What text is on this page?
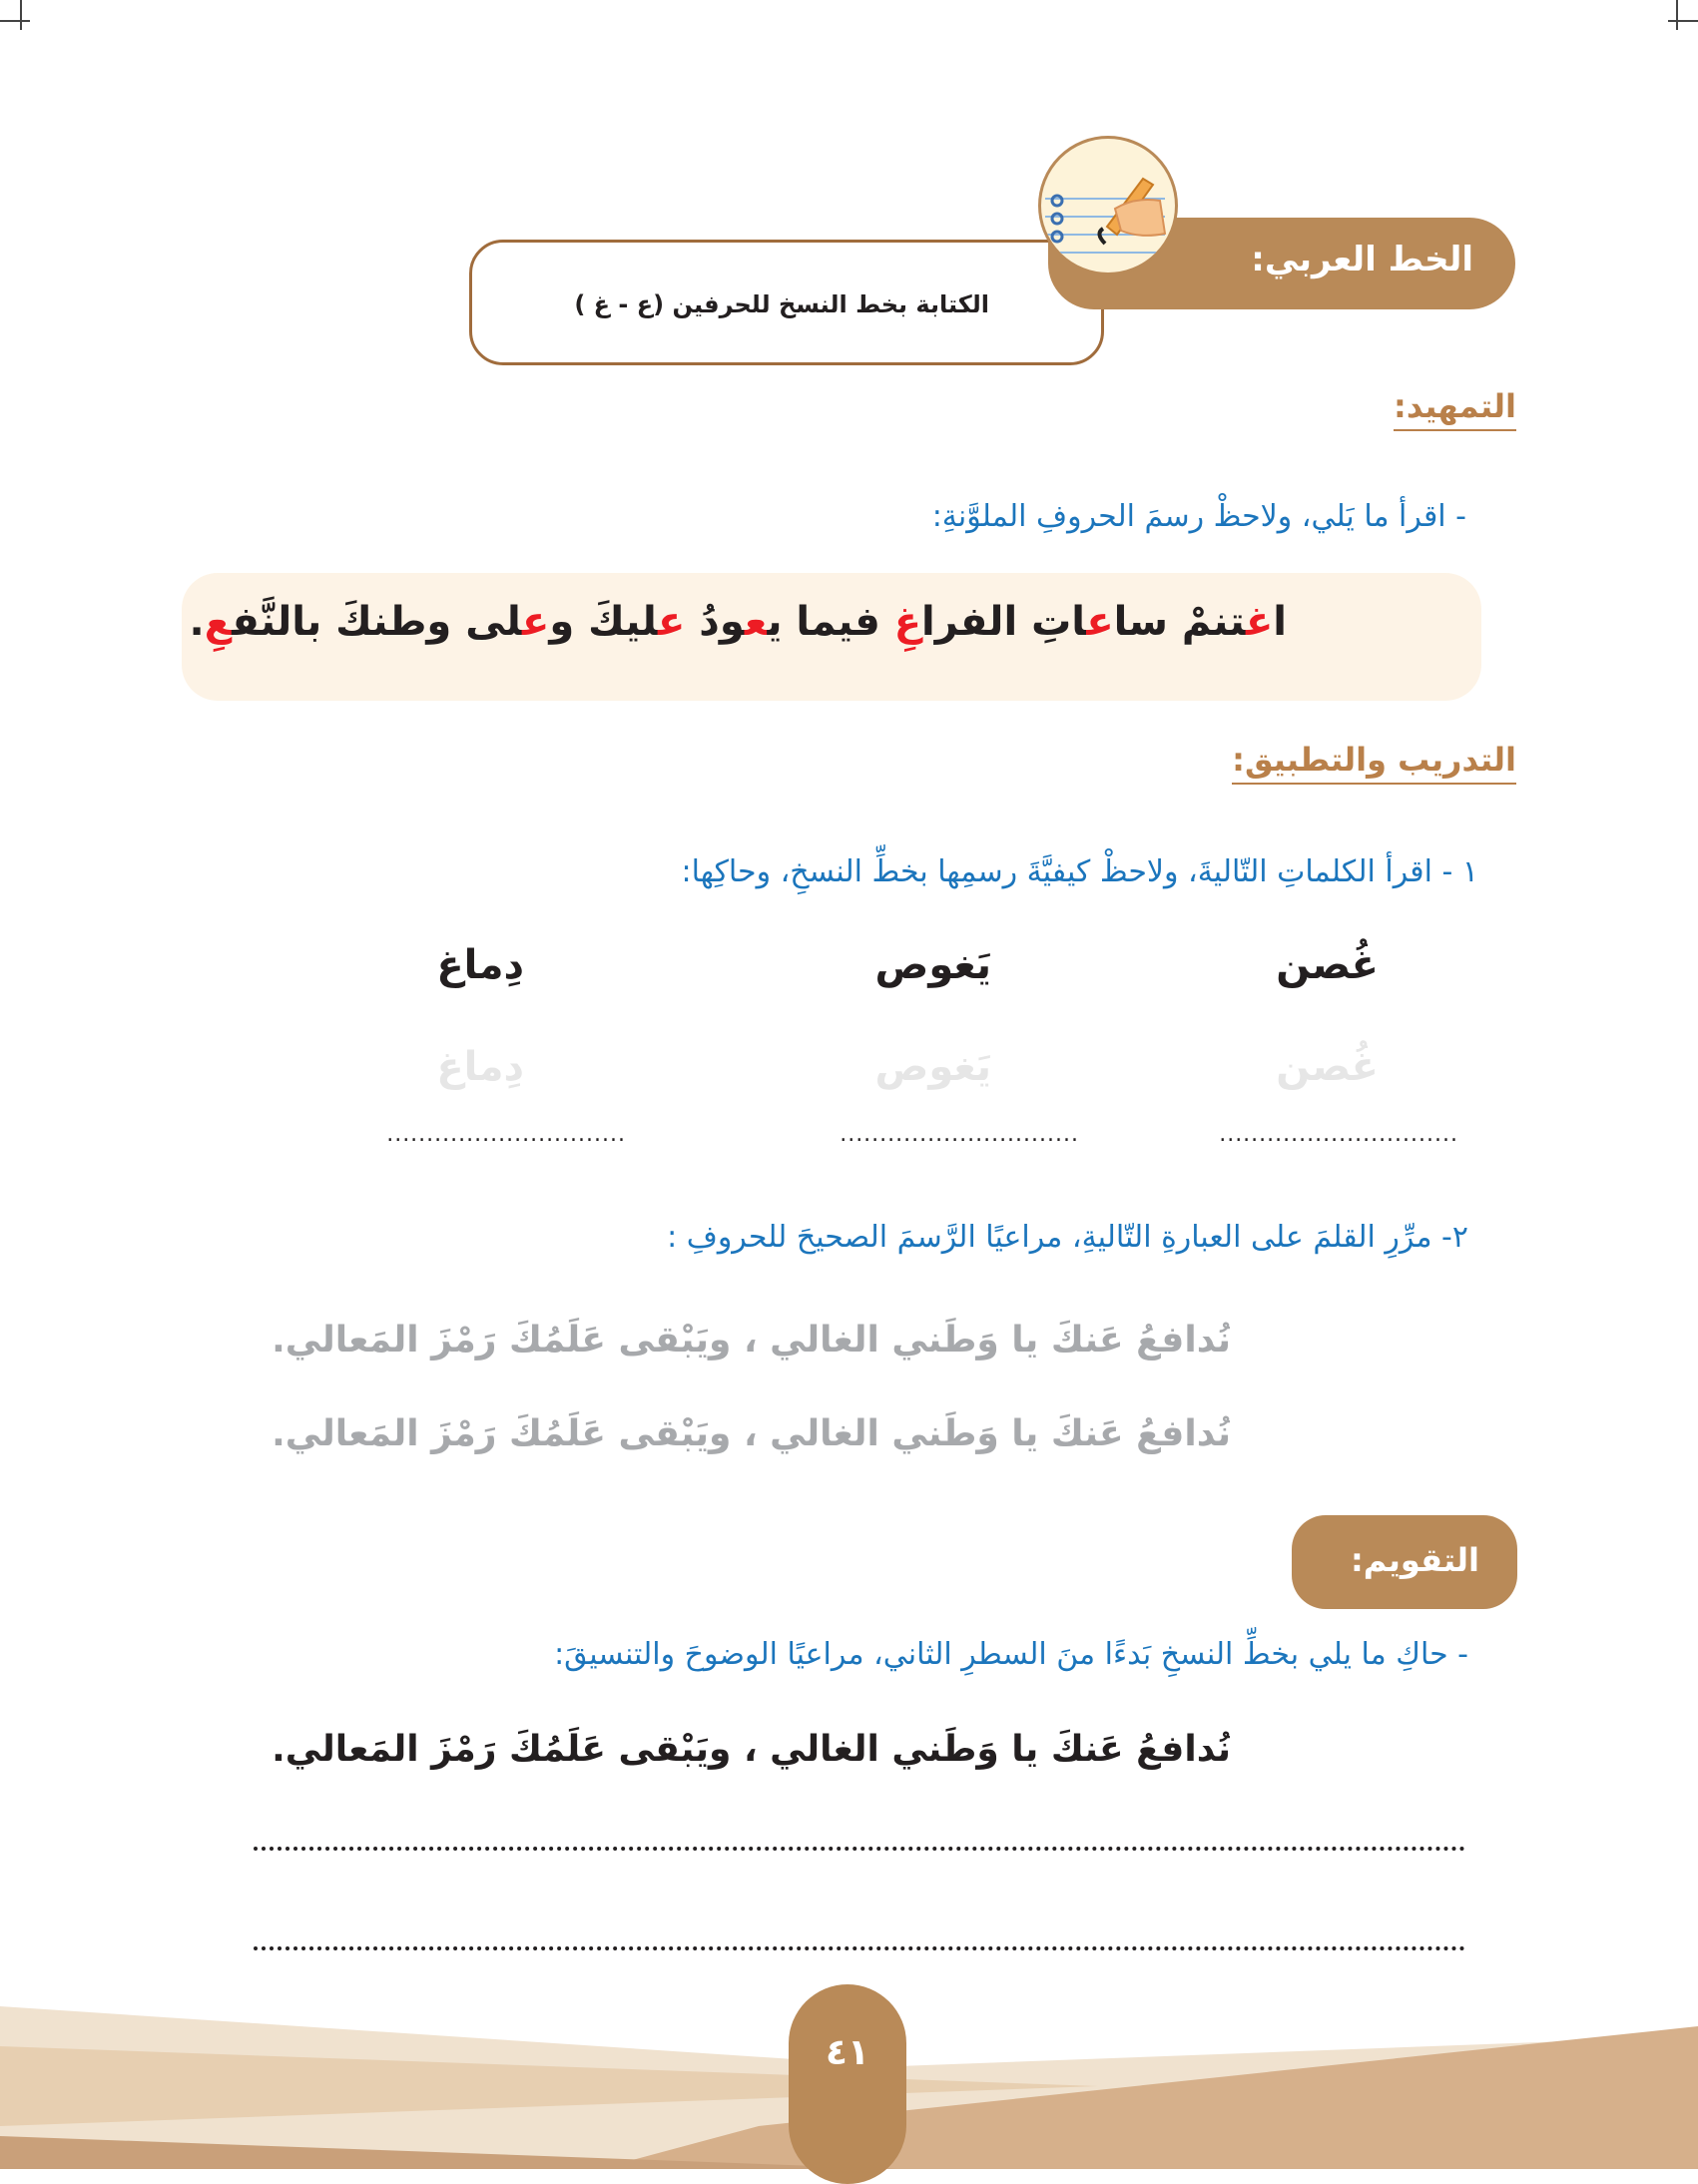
الكتابة بخط النسخ للحرفين (ع - غ )
الخط العربي:
التمهيد:
- اقرأ ما يَلي، ولاحظْ رسمَ الحروفِ الملوَّنةِ:
اغتنمْ ساعاتِ الفراغِ فيما يعودُ عليكَ وعلى وطنكَ بالنَّفعِ.
التدريب والتطبيق:
١ - اقرأ الكلماتِ التّاليةَ، ولاحظْ كيفيَّةَ رسمِها بخطِّ النسخِ، وحاكِها:
غُصن
يَغوص
دِماغ
غُصن
يَغوص
دِماغ
..............................
..............................
..............................
٢- مرِّرِ القلمَ على العبارةِ التّاليةِ، مراعيًا الرَّسمَ الصحيحَ للحروفِ :
نُدافعُ عَنكَ يا وَطَني الغالي ، ويَبْقى عَلَمُكَ رَمْزَ المَعالي.
نُدافعُ عَنكَ يا وَطَني الغالي ، ويَبْقى عَلَمُكَ رَمْزَ المَعالي.
التقويم:
- حاكِ ما يلي بخطِّ النسخِ بَدءًا منَ السطرِ الثاني، مراعيًا الوضوحَ والتنسيقَ:
نُدافعُ عَنكَ يا وَطَني الغالي ، ويَبْقى عَلَمُكَ رَمْزَ المَعالي.
٤١
